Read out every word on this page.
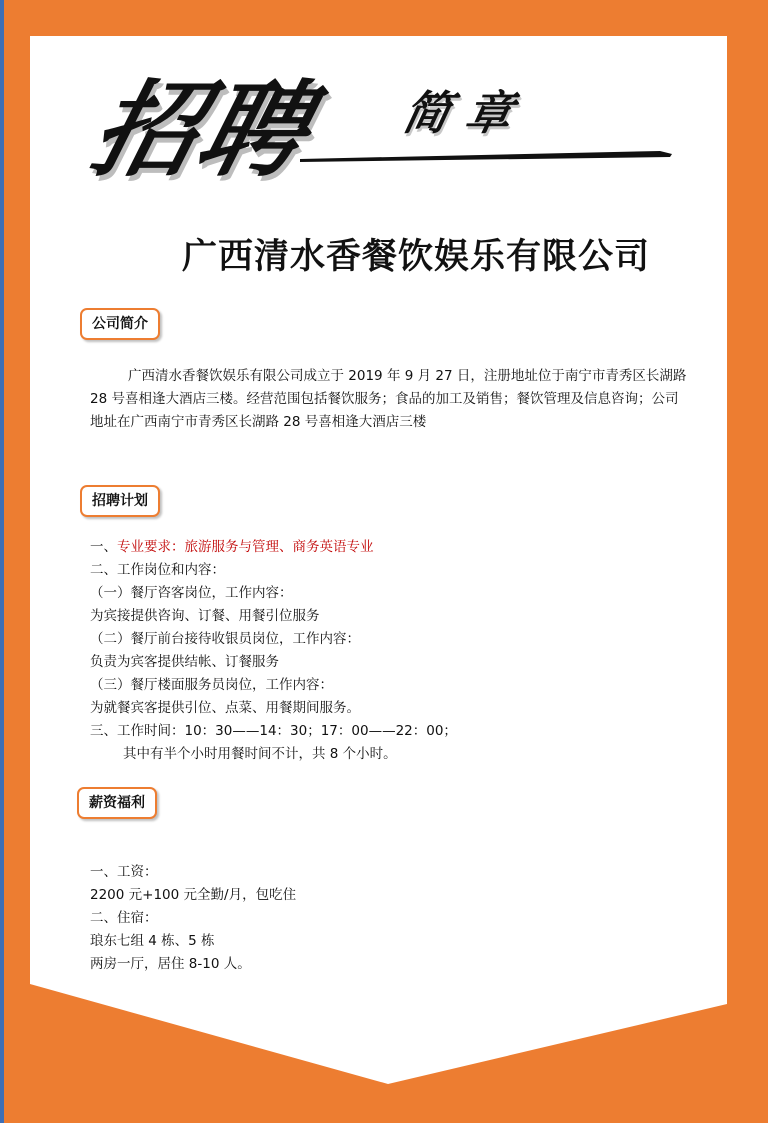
招聘 简章
广西清水香餐饮娱乐有限公司
公司简介
广西清水香餐饮娱乐有限公司成立于 2019 年 9 月 27 日，注册地址位于南宁市青秀区长湖路 28 号喜相逢大酒店三楼。经营范围包括餐饮服务；食品的加工及销售；餐饮管理及信息咨询；公司地址在广西南宁市青秀区长湖路 28 号喜相逢大酒店三楼
招聘计划
一、专业要求：旅游服务与管理、商务英语专业
二、工作岗位和内容：
（一）餐厅咨客岗位，工作内容：
为宾接提供咨询、订餐、用餐引位服务
（二）餐厅前台接待收银员岗位，工作内容：
负责为宾客提供结帐、订餐服务
（三）餐厅楼面服务员岗位，工作内容：
为就餐宾客提供引位、点菜、用餐期间服务。
三、工作时间：10：30——14：30；17：00——22：00；
其中有半个小时用餐时间不计，共 8 个小时。
薪资福利
一、工资：
2200 元+100 元全勤/月，包吃住
二、住宿：
琅东七组 4 栋、5 栋
两房一厅，居住 8-10 人。
